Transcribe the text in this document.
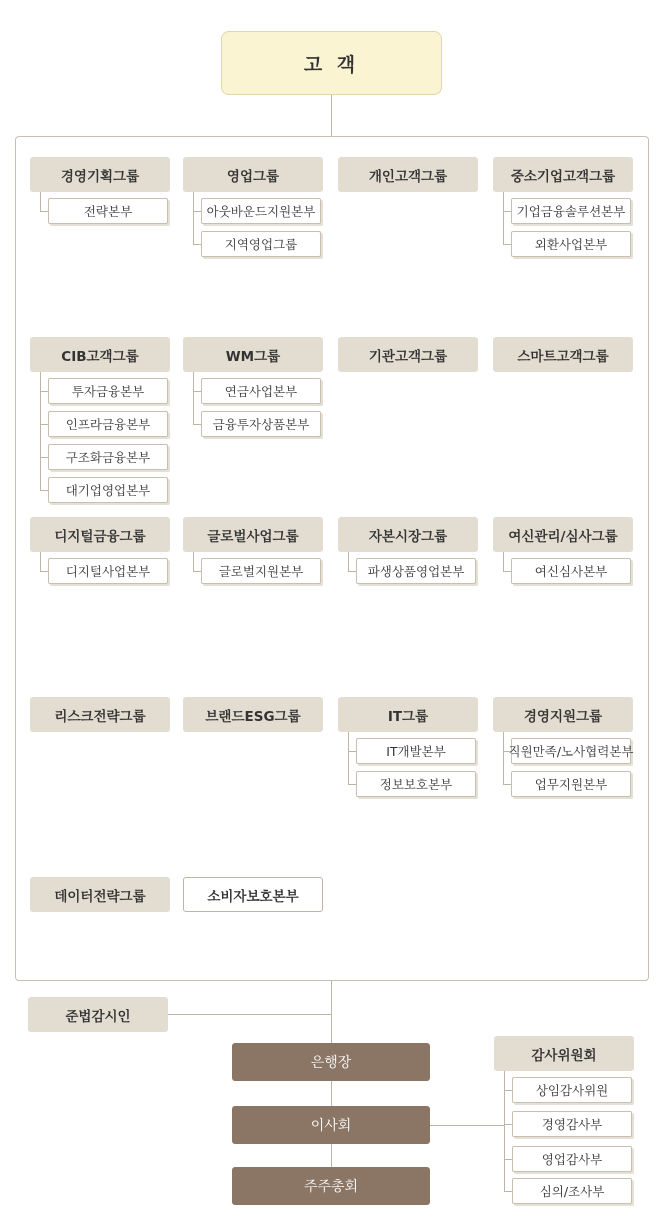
고 객
경영기획그룹
전략본부
영업그룹
아웃바운드지원본부
지역영업그룹
개인고객그룹	중소기업고객그룹
기업금융솔루션본부
외환사업본부
CIB고객그룹
투자금융본부
인프라금융본부
구조화금융본부
대기업영업본부
WM그룹
연금사업본부
금융투자상품본부
기관고객그룹	스마트고객그룹
디지털금융그룹
디지털사업본부
글로벌사업그룹
글로벌지원본부
자본시장그룹
파생상품영업본부
여신관리/심사그룹
여신심사본부
리스크전략그룹	브랜드ESG그룹	IT그룹
IT개발본부
정보보호본부
경영지원그룹
직원만족/노사협력본부
업무지원본부
데이터전략그룹	소비자보호본부
준법감시인
은행장
이사회
주주총회
감사위원회
상임감사위원
경영감사부
영업감사부
심의/조사부
